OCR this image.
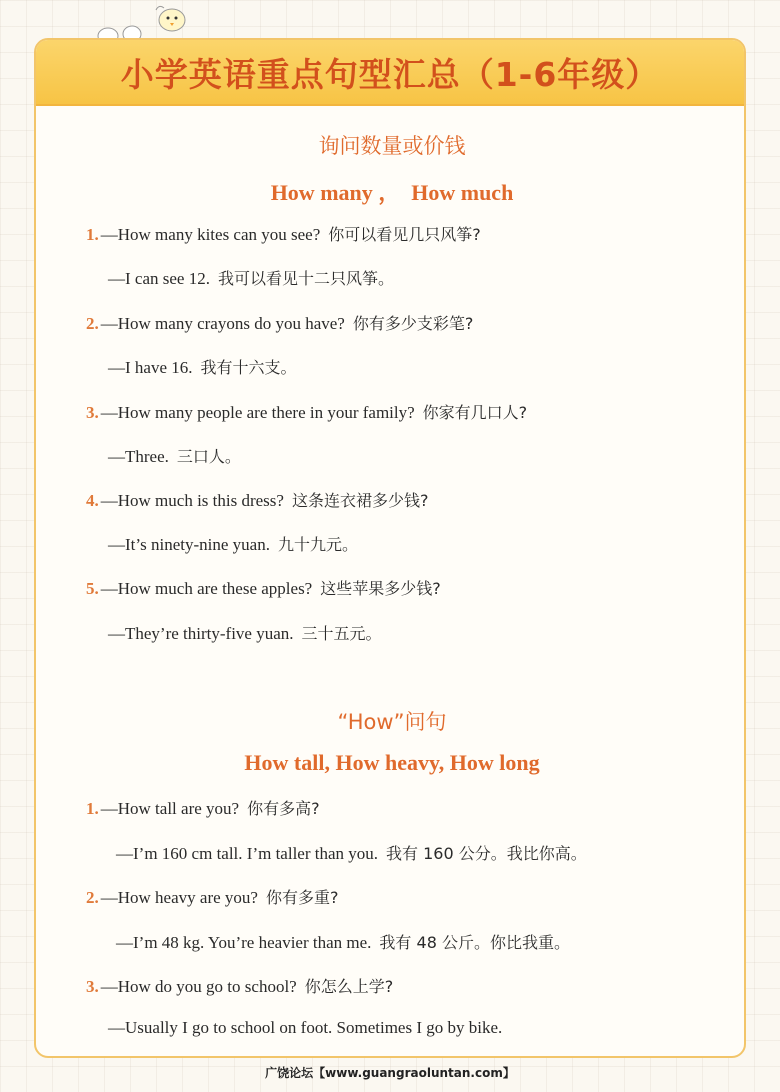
小学英语重点句型汇总（1-6年级）
询问数量或价钱
How many ，  How much
1. —How many kites can you see? 你可以看见几只风筝?
—I can see 12. 我可以看见十二只风筝。
2. —How many crayons do you have? 你有多少支彩笔?
—I have 16. 我有十六支。
3. —How many people are there in your family? 你家有几口人?
—Three. 三口人。
4. —How much is this dress? 这条连衣裙多少钱?
—It’s ninety-nine yuan. 九十九元。
5. —How much are these apples? 这些苹果多少钱?
—They’re thirty-five yuan. 三十五元。
“How”问句
How tall, How heavy, How long
1. —How tall are you? 你有多高?
—I’m 160 cm tall. I’m taller than you. 我有 160 公分。我比你高。
2. —How heavy are you? 你有多重?
—I’m 48 kg. You’re heavier than me. 我有 48 公斤。你比我重。
3. —How do you go to school? 你怎么上学?
—Usually I go to school on foot. Sometimes I go by bike.
广饶论坛【www.guangraoluntan.com】
